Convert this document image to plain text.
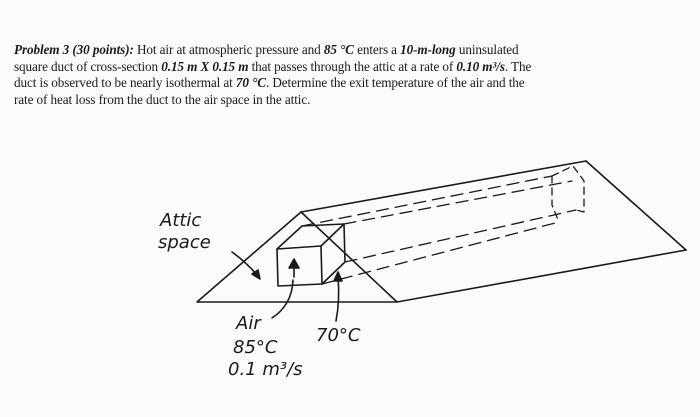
Problem 3 (30 points): Hot air at atmospheric pressure and 85 °C enters a 10-m-long uninsulated
square duct of cross-section 0.15 m X 0.15 m that passes through the attic at a rate of 0.10 m³/s. The
duct is observed to be nearly isothermal at 70 °C. Determine the exit temperature of the air and the
rate of heat loss from the duct to the air space in the attic.
Attic
space
Air
85°C
0.1 m³/s
70°C
